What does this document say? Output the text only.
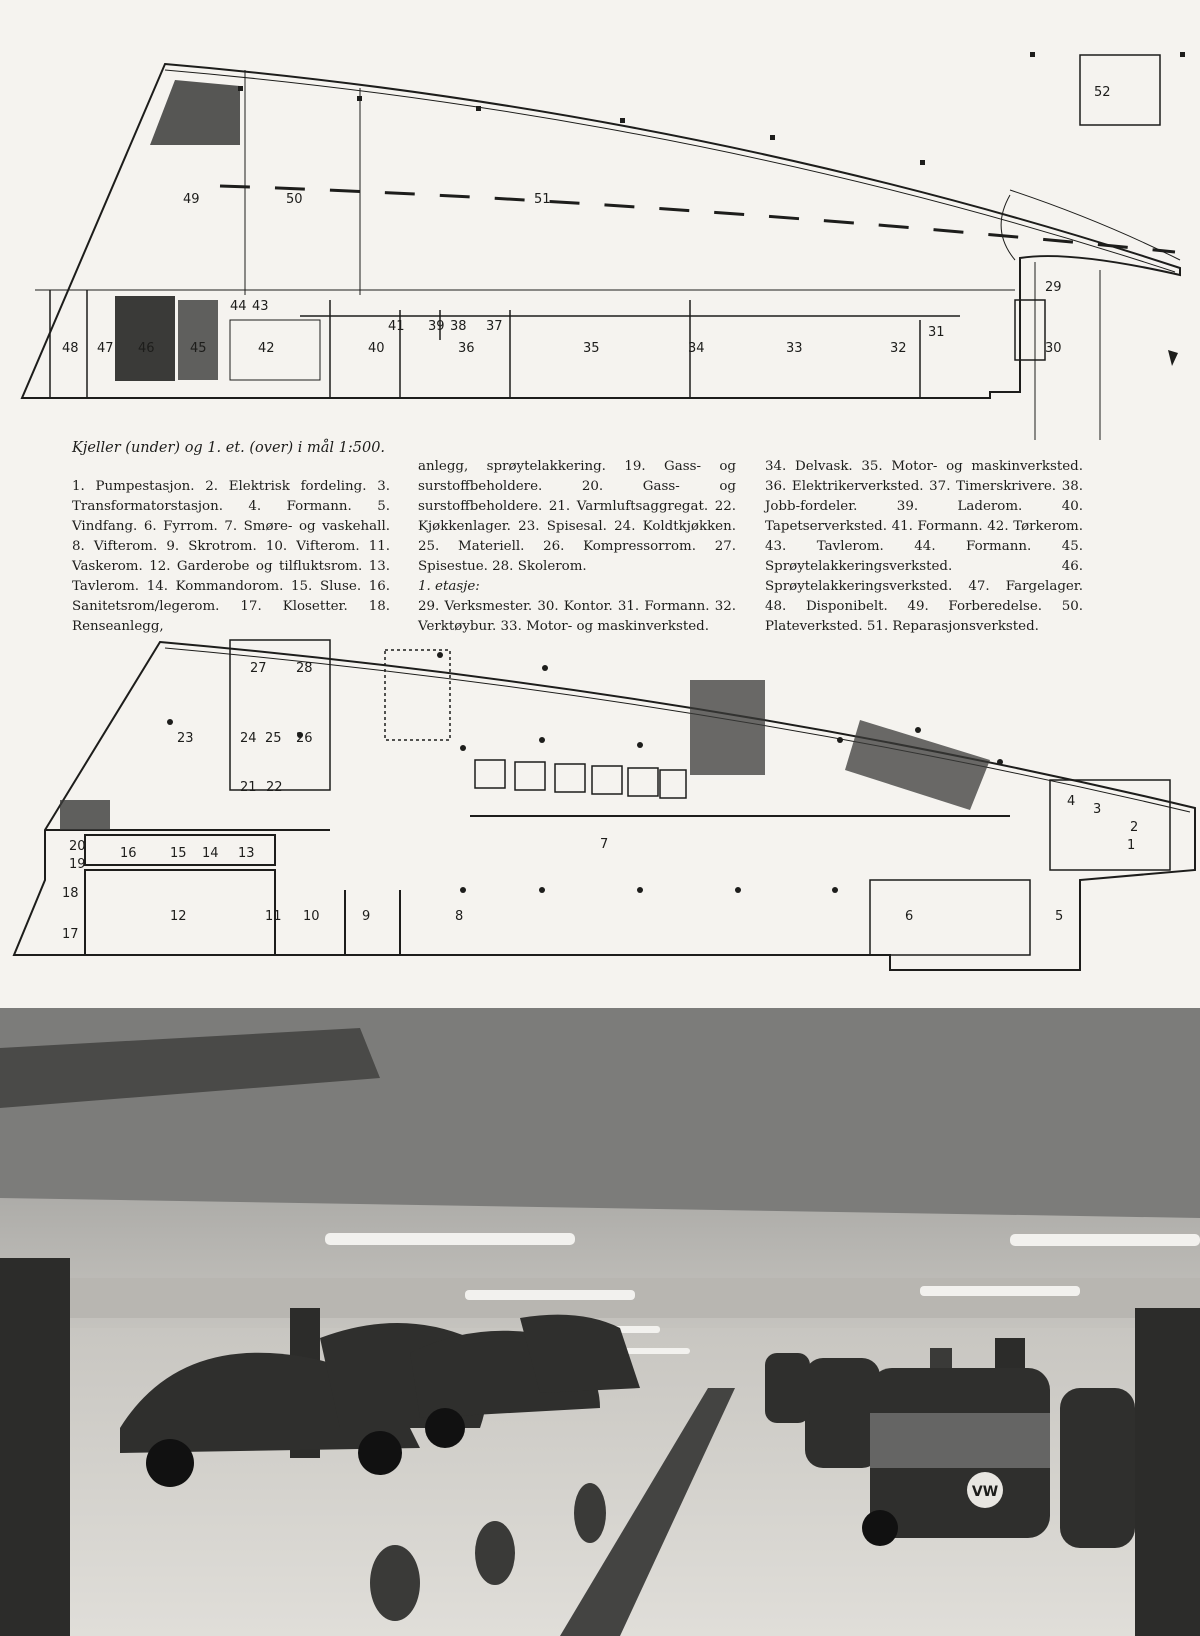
49	50	51
52
29
30
31
32
33
34
35
36
37
38
39
40
41
42
43
44
45
46
47
48
Kjeller (under) og 1. et. (over) i mål 1:500.

1. Pumpestasjon. 2. Elektrisk fordeling. 3. Transformatorstasjon. 4. Formann. 5. Vindfang. 6. Fyrrom. 7. Smøre- og vaskehall. 8. Vifterom. 9. Skrotrom. 10. Vifterom. 11. Vaskerom. 12. Garderobe og tilfluktsrom. 13. Tavlerom. 14. Kommandorom. 15. Sluse. 16. Sanitetsrom/legerom. 17. Klosetter. 18. Renseanlegg,

anlegg, sprøytelakkering. 19. Gass- og surstoffbeholdere. 20. Gass- og surstoffbeholdere. 21. Varmluftsaggregat. 22. Kjøkkenlager. 23. Spisesal. 24. Koldtkjøkken. 25. Materiell. 26. Kompressorrom. 27. Spisestue. 28. Skolerom.

1. etasje:

29. Verksmester. 30. Kontor. 31. Formann. 32. Verktøybur. 33. Motor- og maskinverksted.

34. Delvask. 35. Motor- og maskinverksted. 36. Elektrikerverksted. 37. Timerskrivere. 38. Jobb-fordeler. 39. Laderom. 40. Tapetserverksted. 41. Formann. 42. Tørkerom. 43. Tavlerom. 44. Formann. 45. Sprøytelakkeringsverksted. 46. Sprøytelakkeringsverksted. 47. Fargelager. 48. Disponibelt. 49. Forberedelse. 50. Plateverksted. 51. Reparasjonsverksted.

1
2
3
4
5
6
7
8
9
10
11
12
13
14
15
16
17
18
19
20
21 22
23	24 25 26
27 28
VW
